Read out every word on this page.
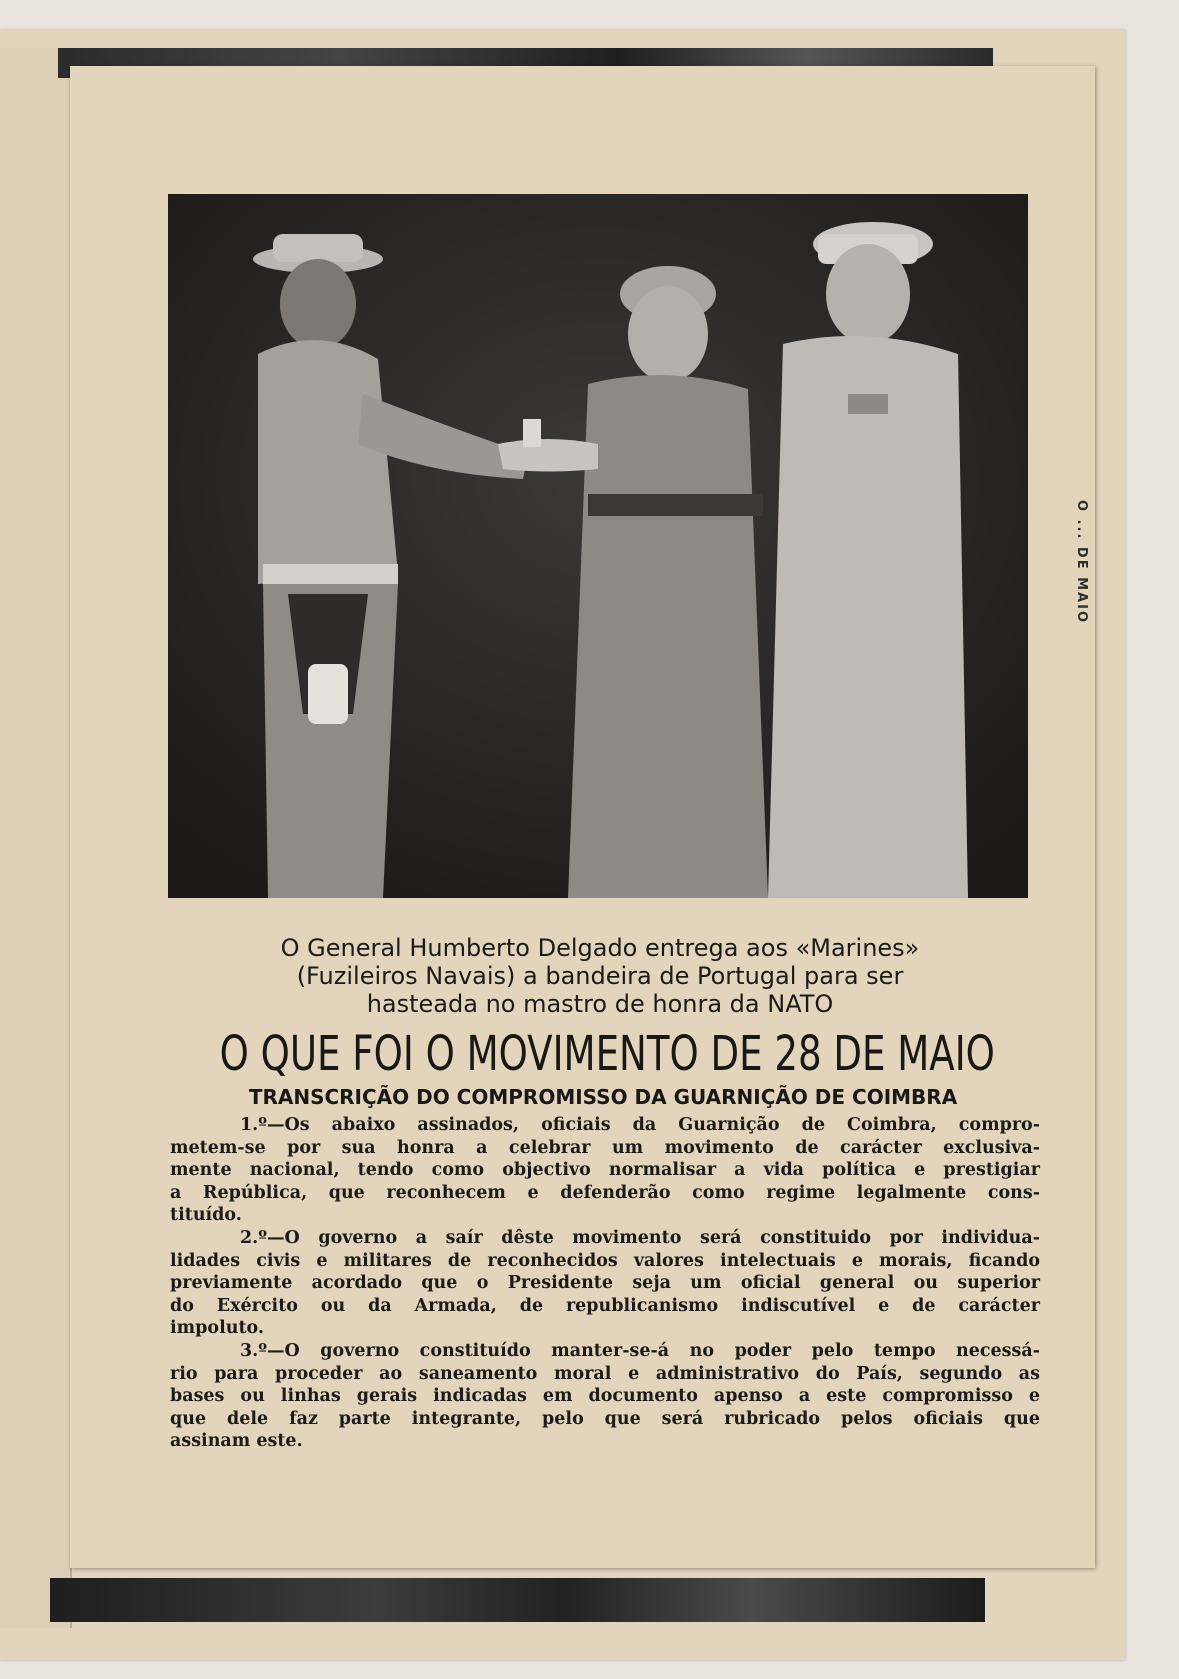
O General Humberto Delgado entrega aos «Marines»
(Fuzileiros Navais) a bandeira de Portugal para ser
hasteada no mastro de honra da NATO
O QUE FOI O MOVIMENTO DE 28 DE MAIO
TRANSCRIÇÃO DO COMPROMISSO DA GUARNIÇÃO DE COIMBRA
1.º—Os abaixo assinados, oficiais da Guarnição de Coimbra, compro-
metem-se por sua honra a celebrar um movimento de carácter exclusiva-
mente nacional, tendo como objectivo normalisar a vida política e prestigiar
a República, que reconhecem e defenderão como regime legalmente cons-
tituído.
2.º—O governo a saír dêste movimento será constituido por individua-
lidades civis e militares de reconhecidos valores intelectuais e morais, ficando
previamente acordado que o Presidente seja um oficial general ou superior
do Exército ou da Armada, de republicanismo indiscutível e de carácter
impoluto.
3.º—O governo constituído manter-se-á no poder pelo tempo necessá-
rio para proceder ao saneamento moral e administrativo do País, segundo as
bases ou linhas gerais indicadas em documento apenso a este compromisso e
que dele faz parte integrante, pelo que será rubricado pelos oficiais que
assinam este.
O ... DE MAIO
